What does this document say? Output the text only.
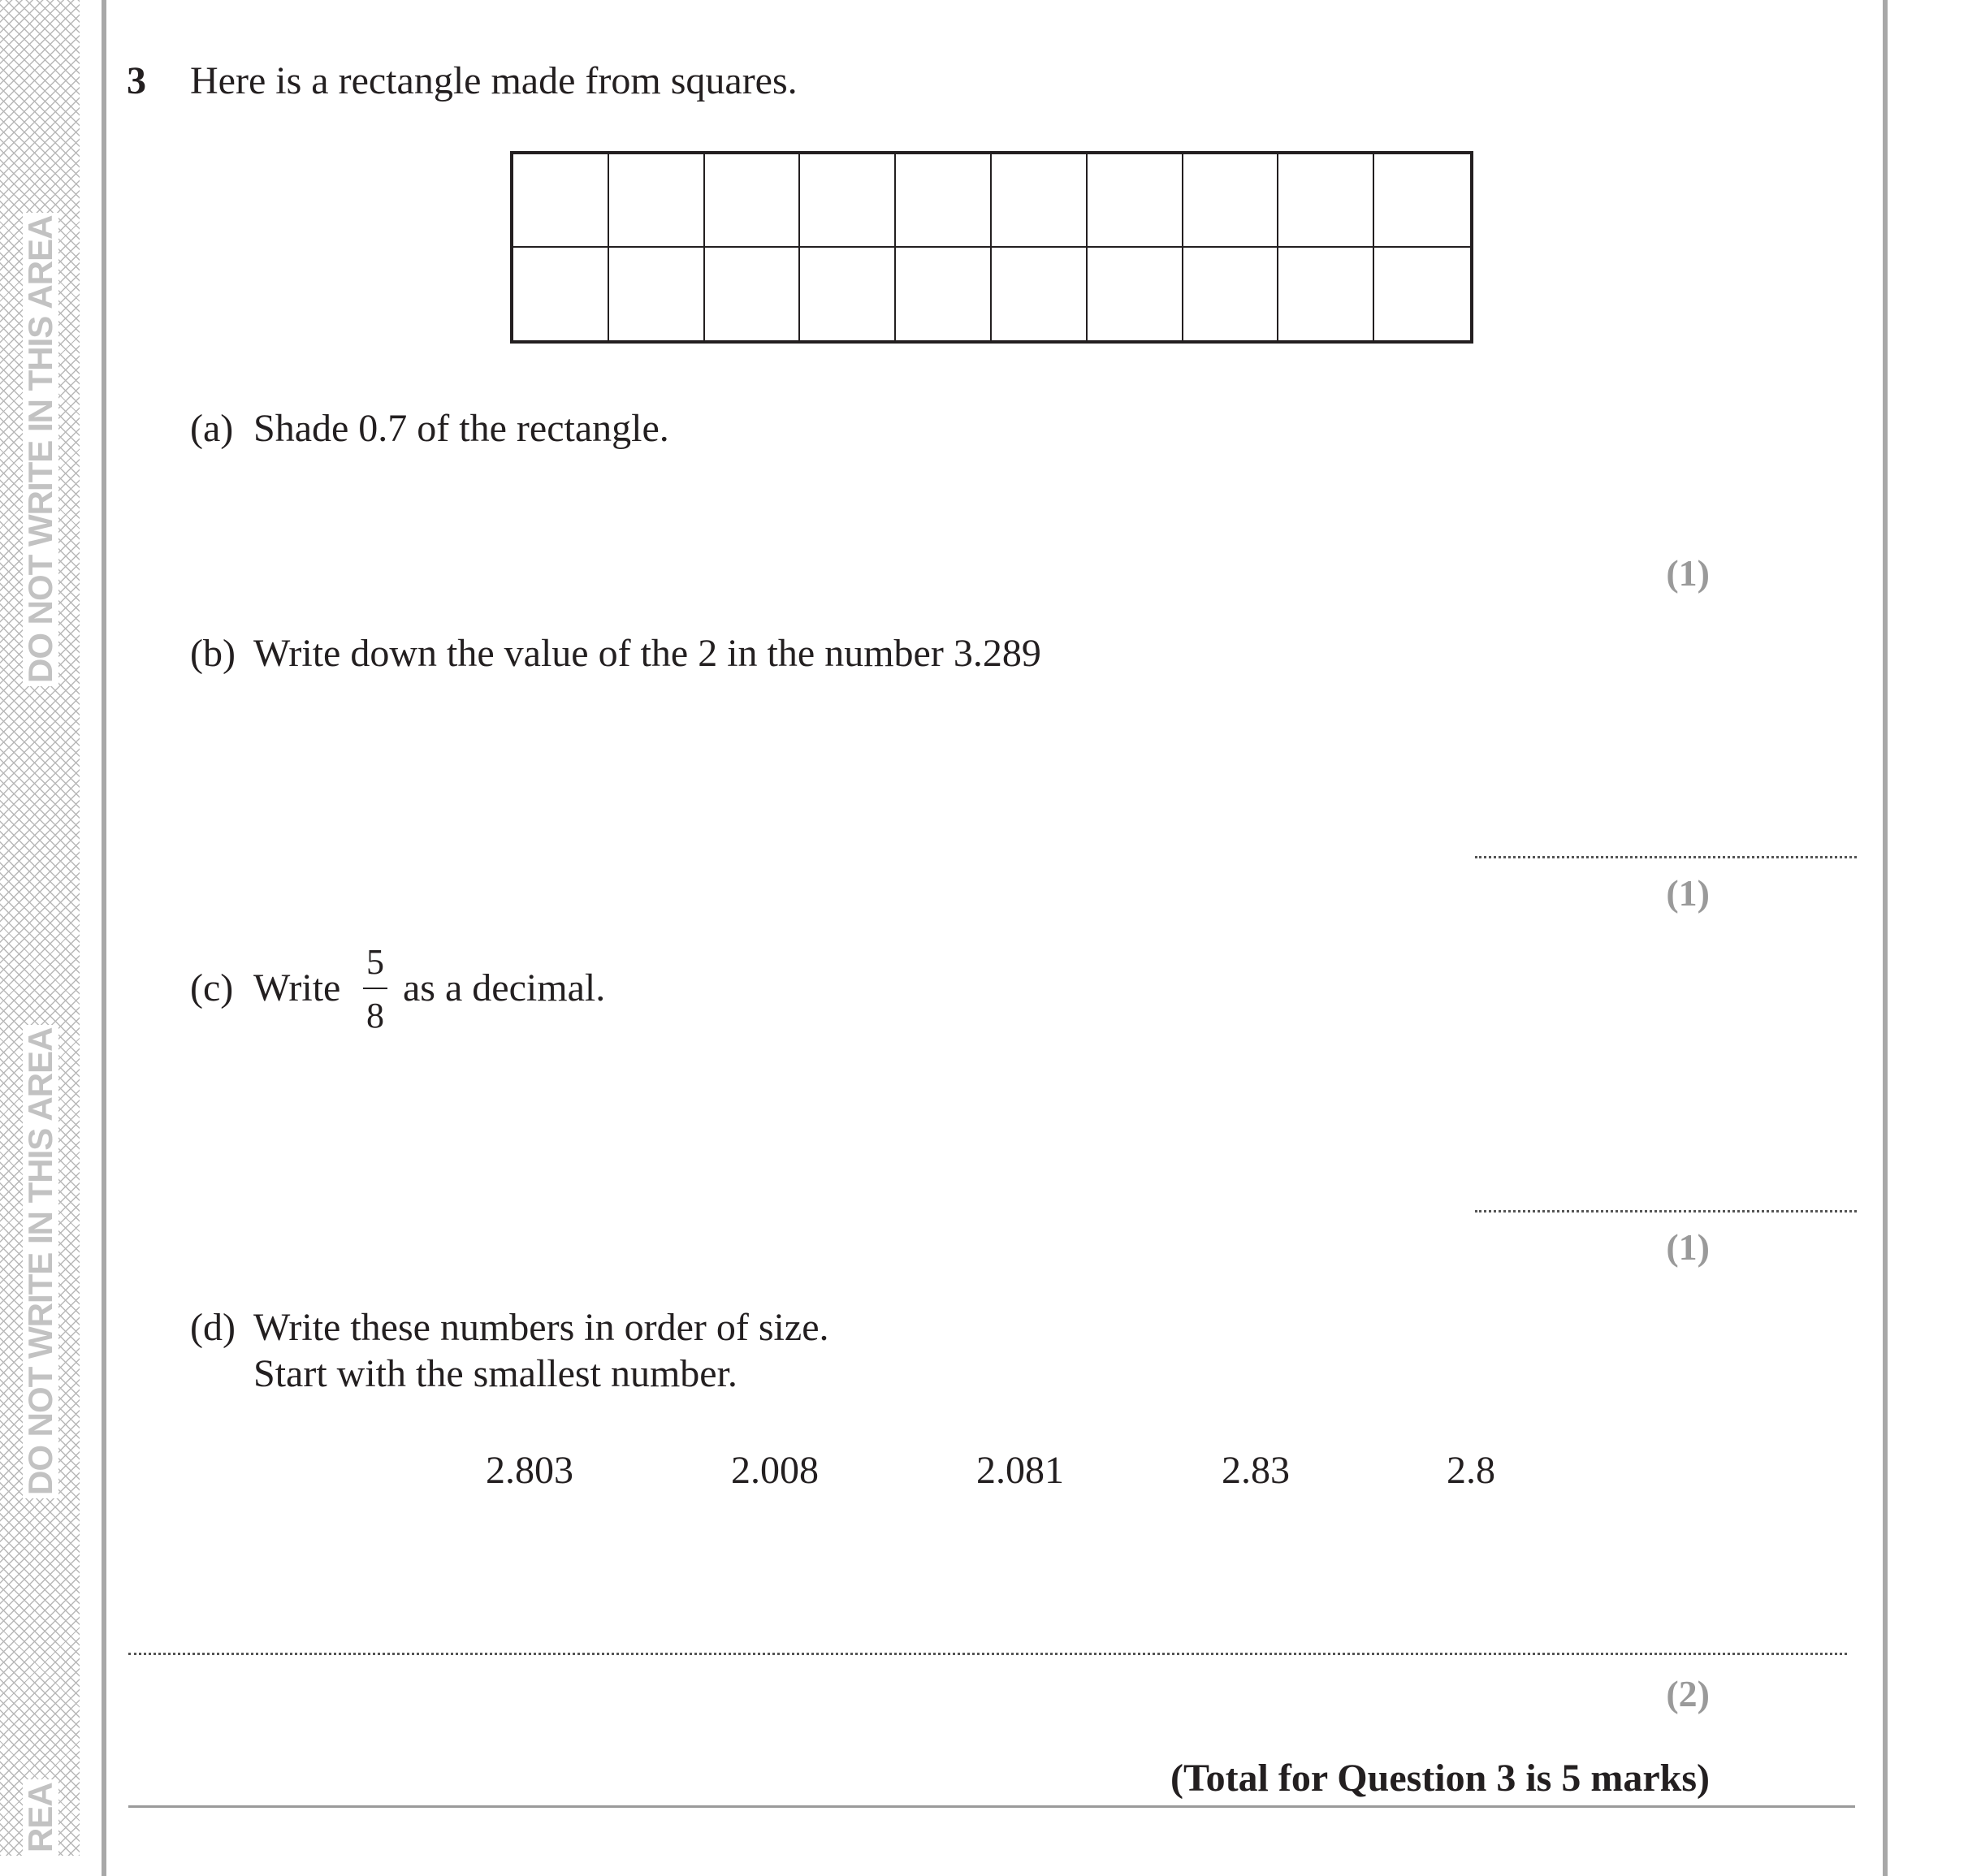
DO NOT WRITE IN THIS AREA
DO NOT WRITE IN THIS AREA
REA
3 Here is a rectangle made from squares.
(a) Shade 0.7 of the rectangle.
(1)
(b) Write down the value of the 2 in the number 3.289
(1)
(c) Write
5
8
as a decimal.
(1)
(d) Write these numbers in order of size.
Start with the smallest number.
2.803	2.008	2.081	2.83	2.8
(2)
(Total for Question 3 is 5 marks)
